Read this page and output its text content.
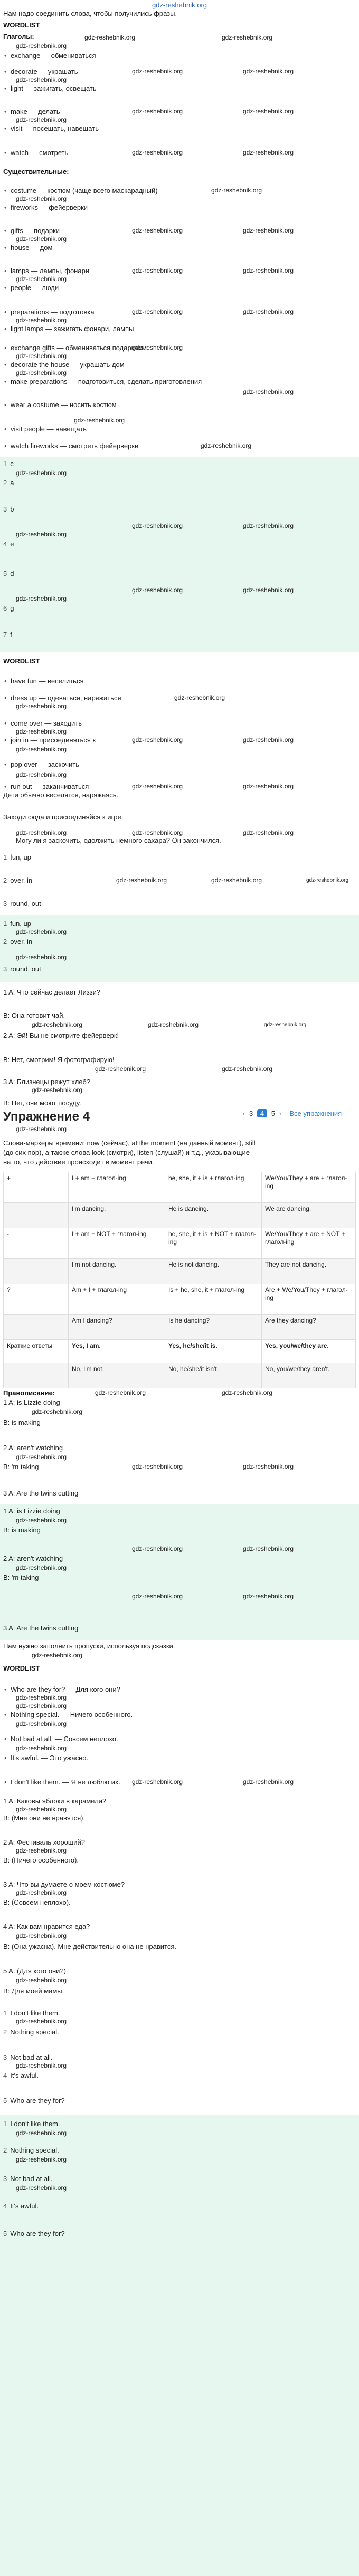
gdz-reshebnik.org
Нам надо соединить слова, чтобы получились фразы.
WORDLIST
Глаголы:	gdz-reshebnik.org	gdz-reshebnik.org
gdz-reshebnik.org
• exchange — обмениваться
• decorate — украшать	gdz-reshebnik.org	gdz-reshebnik.org
gdz-reshebnik.org
• light — зажигать, освещать
• make — делать	gdz-reshebnik.org	gdz-reshebnik.org
gdz-reshebnik.org
• visit — посещать, навещать
• watch — смотреть	gdz-reshebnik.org	gdz-reshebnik.org
Существительные:
• costume — костюм (чаще всего маскарадный)	gdz-reshebnik.org
gdz-reshebnik.org
• fireworks — фейерверки
• gifts — подарки	gdz-reshebnik.org	gdz-reshebnik.org
gdz-reshebnik.org
• house — дом
• lamps — лампы, фонари	gdz-reshebnik.org	gdz-reshebnik.org
gdz-reshebnik.org
• people — люди
• preparations — подготовка	gdz-reshebnik.org	gdz-reshebnik.org
gdz-reshebnik.org
• light lamps — зажигать фонари, лампы
• exchange gifts — обмениваться подарками
gdz-reshebnik.org
gdz-reshebnik.org
• decorate the house — украшать дом
gdz-reshebnik.org
• make preparations — подготовиться, сделать приготовления
gdz-reshebnik.org
• wear a costume — носить костюм
gdz-reshebnik.org
• visit people — навещать
• watch fireworks — смотреть фейерверки	gdz-reshebnik.org
1 c
gdz-reshebnik.org
2 a
3 b
gdz-reshebnik.org	gdz-reshebnik.org
gdz-reshebnik.org
4 e
5 d
gdz-reshebnik.org	gdz-reshebnik.org
gdz-reshebnik.org
6 g
7 f
WORDLIST
• have fun — веселиться
• dress up — одеваться, наряжаться	gdz-reshebnik.org
gdz-reshebnik.org
• come over — заходить
gdz-reshebnik.org
• join in — присоединяться к	gdz-reshebnik.org	gdz-reshebnik.org
gdz-reshebnik.org
• pop over — заскочить
gdz-reshebnik.org
• run out — заканчиваться	gdz-reshebnik.org	gdz-reshebnik.org
Дети обычно веселятся, наряжаясь.
Заходи сюда и присоединяйся к игре.
gdz-reshebnik.org	gdz-reshebnik.org	gdz-reshebnik.org
Могу ли я заскочить, одолжить немного сахара? Он закончился.
1 fun, up
2 over, in	gdz-reshebnik.org	gdz-reshebnik.org	gdz-reshebnik.org
3 round, out
1 fun, up
gdz-reshebnik.org
2 over, in
gdz-reshebnik.org
3 round, out
1 A: Что сейчас делает Лиззи?
B: Она готовит чай.
gdz-reshebnik.org	gdz-reshebnik.org	gdz-reshebnik.org
2 A: Эй! Вы не смотрите фейерверк!
B: Нет, смотрим! Я фотографирую!
gdz-reshebnik.org	gdz-reshebnik.org
3 A: Близнецы режут хлеб?
gdz-reshebnik.org
B: Нет, они моют посуду.
Упражнение 4
gdz-reshebnik.org
‹ 3 4 5 › Все упражнения
Слова-маркеры времени: now (сейчас), at the moment (на данный момент), still
(до сих пор), а также слова look (смотри), listen (слушай) и т.д., указывающие
на то, что действие происходит в момент речи.
+	I + am + глагол-ing	he, she, it + is + глагол-ing	We/You/They + are + глагол-ing
	I'm dancing.	He is dancing.	We are dancing.
-	I + am + NOT + глагол-ing	he, she, it + is + NOT + глагол-ing	We/You/They + are + NOT + глагол-ing
	I'm not dancing.	He is not dancing.	They are not dancing.
?	Am + I + глагол-ing	Is + he, she, it + глагол-ing	Are + We/You/They + глагол-ing
	Am I dancing?	Is he dancing?	Are they dancing?
Краткие ответы	Yes, I am.	Yes, he/she/it is.	Yes, you/we/they are.
	No, I'm not.	No, he/she/it isn't.	No, you/we/they aren't.
Правописание:	gdz-reshebnik.org	gdz-reshebnik.org
1 A: is Lizzie doing
gdz-reshebnik.org
B: is making
2 A: aren't watching
gdz-reshebnik.org
B: 'm taking	gdz-reshebnik.org	gdz-reshebnik.org
3 A: Are the twins cutting
1 A: is Lizzie doing
gdz-reshebnik.org
B: is making
gdz-reshebnik.org	gdz-reshebnik.org
2 A: aren't watching
gdz-reshebnik.org
B: 'm taking
gdz-reshebnik.org	gdz-reshebnik.org
3 A: Are the twins cutting
Нам нужно заполнить пропуски, используя подсказки.
gdz-reshebnik.org
WORDLIST
• Who are they for? — Для кого они?
gdz-reshebnik.org
gdz-reshebnik.org
• Nothing special. — Ничего особенного.
gdz-reshebnik.org
• Not bad at all. — Совсем неплохо.
gdz-reshebnik.org
• It's awful. — Это ужасно.
• I don't like them. — Я не люблю их. gdz-reshebnik.org	gdz-reshebnik.org
1 A: Каковы яблоки в карамели?
gdz-reshebnik.org
B: (Мне они не нравятся).
2 A: Фестиваль хороший?
gdz-reshebnik.org
B: (Ничего особенного).
3 A: Что вы думаете о моем костюме?
gdz-reshebnik.org
B: (Совсем неплохо).
4 A: Как вам нравится еда?
gdz-reshebnik.org
B: (Она ужасна). Мне действительно она не нравится.
5 A: (Для кого они?)
gdz-reshebnik.org
B: Для моей мамы.
1 I don't like them.
gdz-reshebnik.org
2 Nothing special.
3 Not bad at all.
gdz-reshebnik.org
4 It's awful.
5 Who are they for?
1 I don't like them.
gdz-reshebnik.org
2 Nothing special.
gdz-reshebnik.org
3 Not bad at all.
gdz-reshebnik.org
4 It's awful.
5 Who are they for?
